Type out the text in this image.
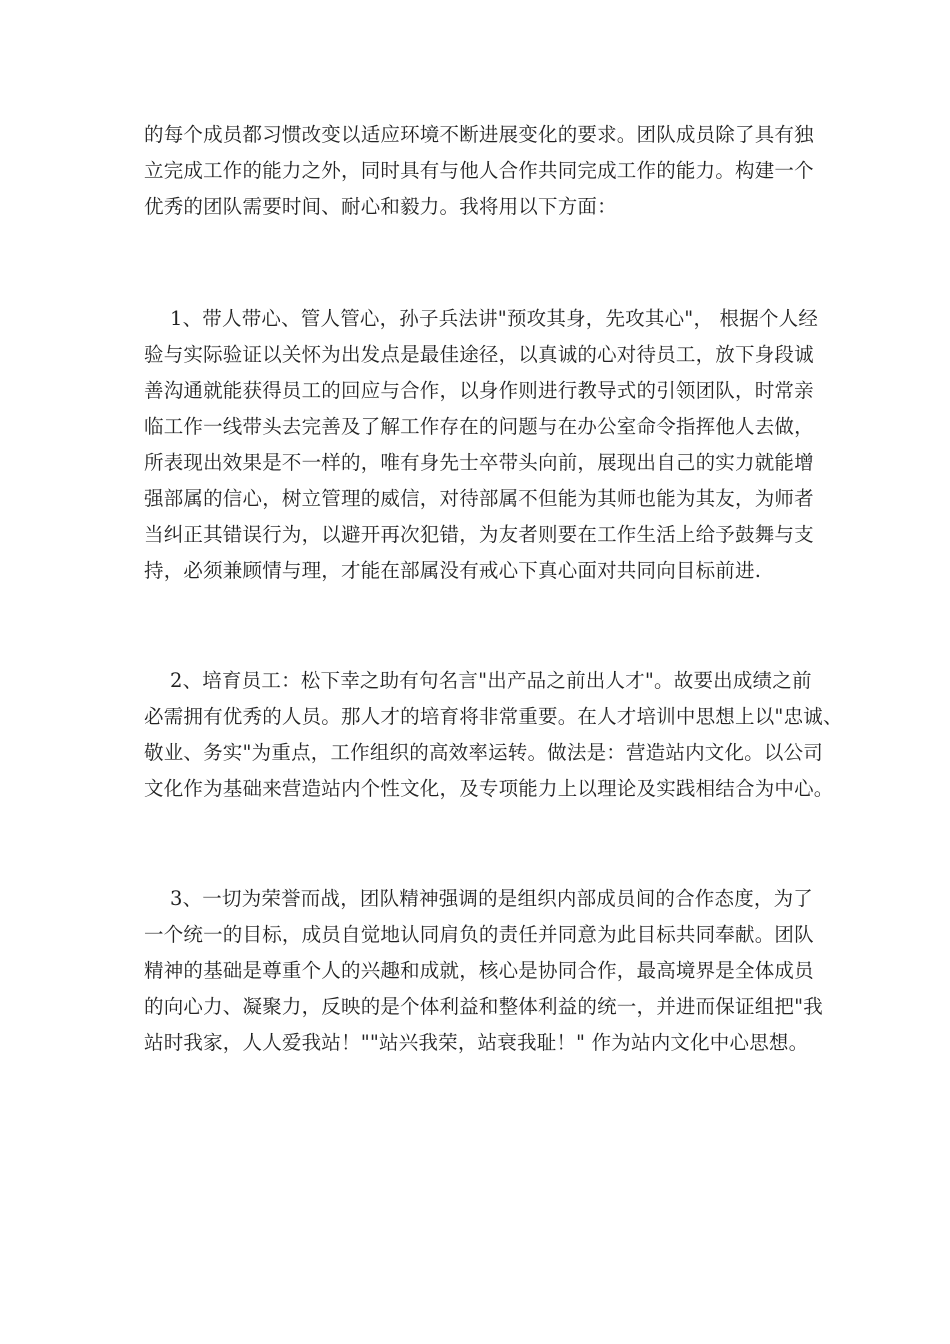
的每个成员都习惯改变以适应环境不断进展变化的要求。团队成员除了具有独
立完成工作的能力之外，同时具有与他人合作共同完成工作的能力。构建一个
优秀的团队需要时间、耐心和毅力。我将用以下方面：
1、带人带心、管人管心，孙子兵法讲"预攻其身，先攻其心"， 根据个人经
验与实际验证以关怀为出发点是最佳途径，以真诚的心对待员工，放下身段诚
善沟通就能获得员工的回应与合作，以身作则进行教导式的引领团队，时常亲
临工作一线带头去完善及了解工作存在的问题与在办公室命令指挥他人去做，
所表现出效果是不一样的，唯有身先士卒带头向前，展现出自己的实力就能增
强部属的信心，树立管理的威信，对待部属不但能为其师也能为其友，为师者
当纠正其错误行为，以避开再次犯错，为友者则要在工作生活上给予鼓舞与支
持，必须兼顾情与理，才能在部属没有戒心下真心面对共同向目标前进.
2、培育员工：松下幸之助有句名言"出产品之前出人才"。故要出成绩之前
必需拥有优秀的人员。那人才的培育将非常重要。在人才培训中思想上以"忠诚、
敬业、务实"为重点，工作组织的高效率运转。做法是：营造站内文化。以公司
文化作为基础来营造站内个性文化，及专项能力上以理论及实践相结合为中心。
3、一切为荣誉而战，团队精神强调的是组织内部成员间的合作态度，为了
一个统一的目标，成员自觉地认同肩负的责任并同意为此目标共同奉献。团队
精神的基础是尊重个人的兴趣和成就，核心是协同合作，最高境界是全体成员
的向心力、凝聚力，反映的是个体利益和整体利益的统一，并进而保证组把"我
站时我家，人人爱我站！""站兴我荣，站衰我耻！" 作为站内文化中心思想。
